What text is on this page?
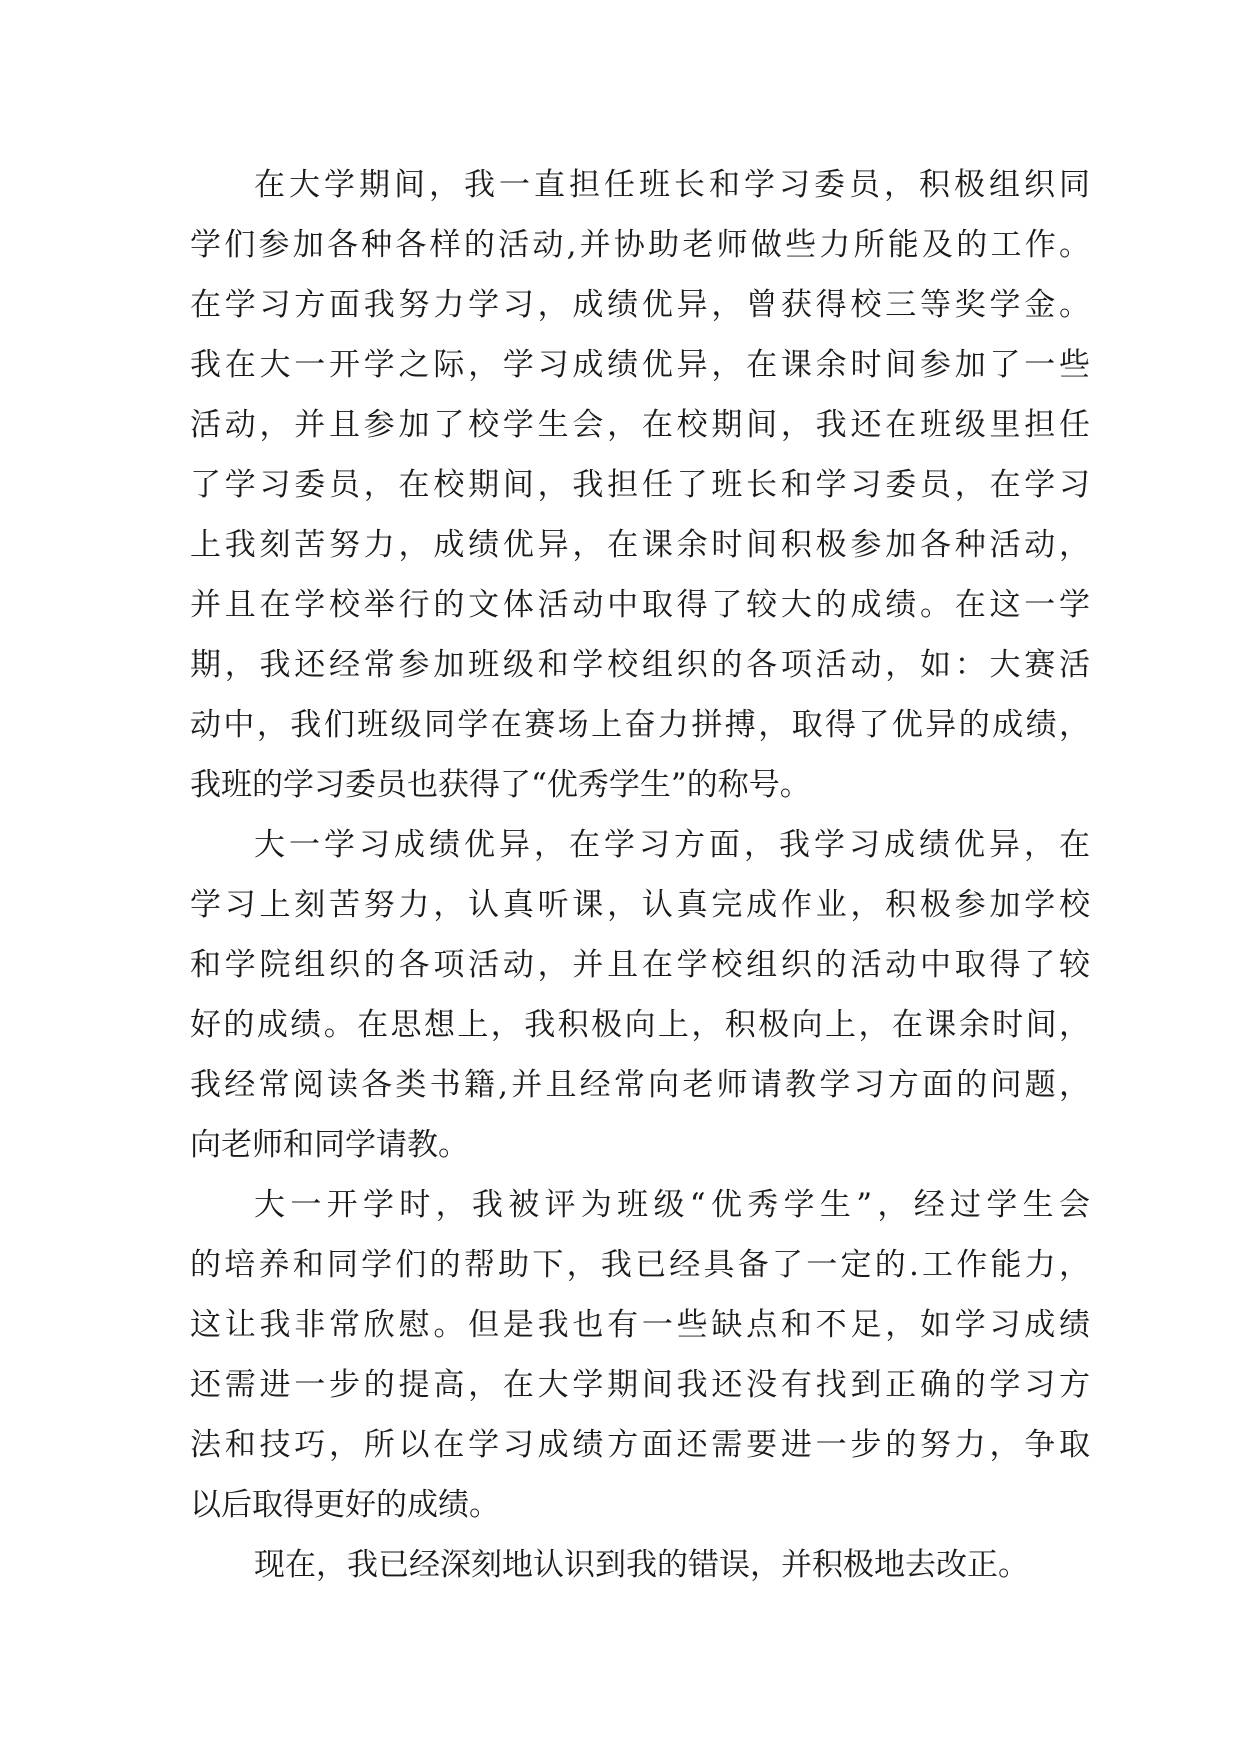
在大学期间，我一直担任班长和学习委员，积极组织同
学们参加各种各样的活动,并协助老师做些力所能及的工作。
在学习方面我努力学习，成绩优异，曾获得校三等奖学金。
我在大一开学之际，学习成绩优异，在课余时间参加了一些
活动，并且参加了校学生会，在校期间，我还在班级里担任
了学习委员，在校期间，我担任了班长和学习委员，在学习
上我刻苦努力，成绩优异，在课余时间积极参加各种活动，
并且在学校举行的文体活动中取得了较大的成绩。在这一学
期，我还经常参加班级和学校组织的各项活动，如：大赛活
动中，我们班级同学在赛场上奋力拼搏，取得了优异的成绩，
我班的学习委员也获得了“优秀学生”的称号。
大一学习成绩优异，在学习方面，我学习成绩优异，在
学习上刻苦努力，认真听课，认真完成作业，积极参加学校
和学院组织的各项活动，并且在学校组织的活动中取得了较
好的成绩。在思想上，我积极向上，积极向上，在课余时间，
我经常阅读各类书籍,并且经常向老师请教学习方面的问题，
向老师和同学请教。
大一开学时，我被评为班级“优秀学生”，经过学生会
的培养和同学们的帮助下，我已经具备了一定的.工作能力，
这让我非常欣慰。但是我也有一些缺点和不足，如学习成绩
还需进一步的提高，在大学期间我还没有找到正确的学习方
法和技巧，所以在学习成绩方面还需要进一步的努力，争取
以后取得更好的成绩。
现在，我已经深刻地认识到我的错误，并积极地去改正。
